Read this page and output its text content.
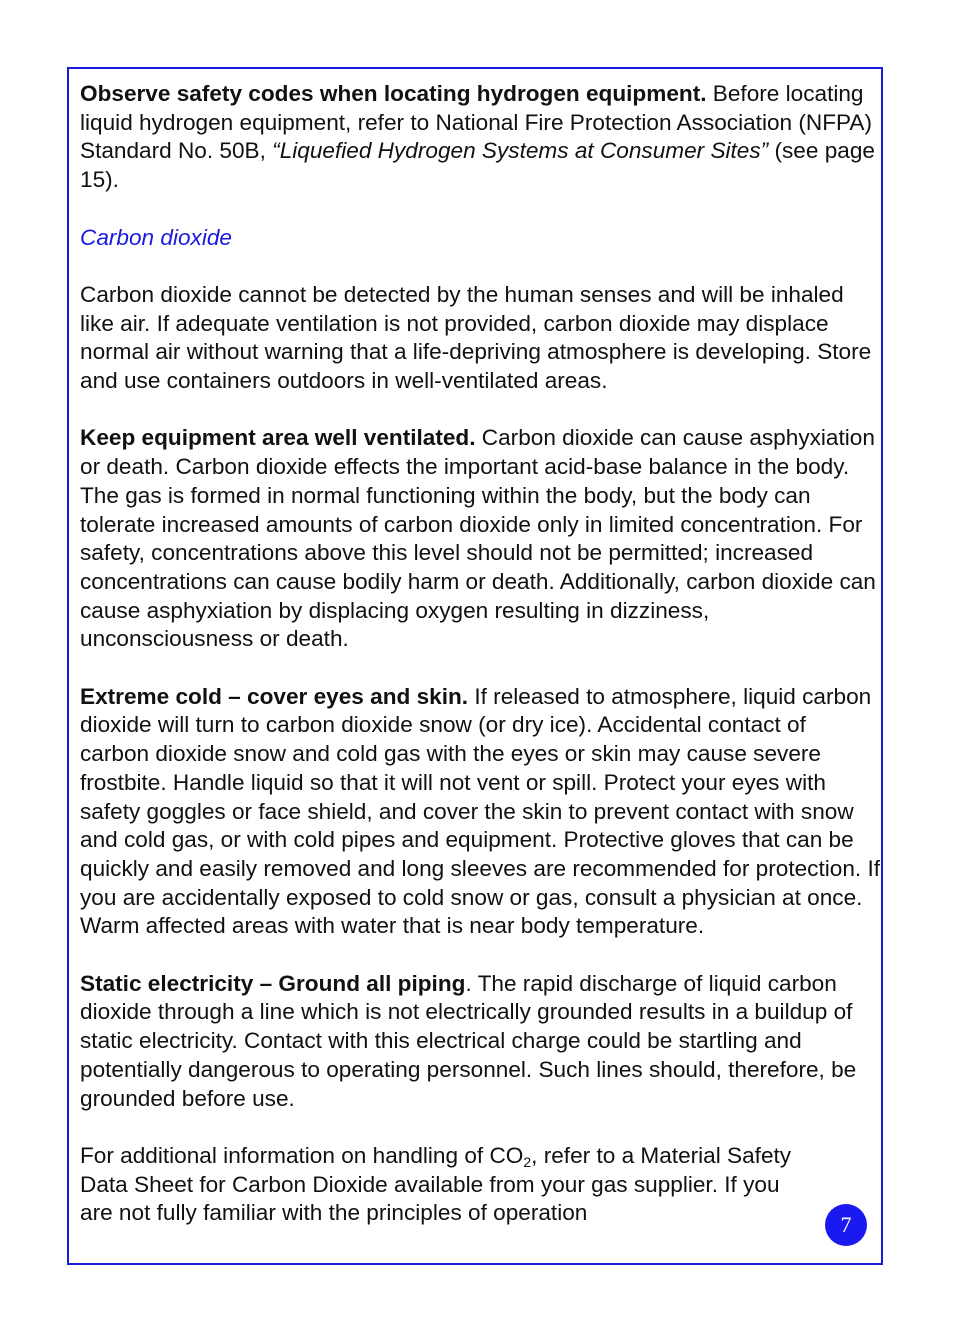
Observe safety codes when locating hydrogen equipment. Before locating liquid hydrogen equipment, refer to National Fire Protection Association (NFPA) Standard No. 50B, “Liquefied Hydrogen Systems at Consumer Sites” (see page 15).

Carbon dioxide

Carbon dioxide cannot be detected by the human senses and will be inhaled like air. If adequate ventilation is not provided, carbon dioxide may displace normal air without warning that a life-depriving atmosphere is developing. Store and use containers outdoors in well-ventilated areas.

Keep equipment area well ventilated. Carbon dioxide can cause asphyxiation or death. Carbon dioxide effects the important acid-base balance in the body. The gas is formed in normal functioning within the body, but the body can tolerate increased amounts of carbon dioxide only in limited concentration. For safety, concentrations above this level should not be permitted; increased concentrations can cause bodily harm or death. Additionally, carbon dioxide can cause asphyxiation by displacing oxygen resulting in dizziness, unconsciousness or death.

Extreme cold – cover eyes and skin. If released to atmosphere, liquid carbon dioxide will turn to carbon dioxide snow (or dry ice). Accidental contact of carbon dioxide snow and cold gas with the eyes or skin may cause severe frostbite. Handle liquid so that it will not vent or spill. Protect your eyes with safety goggles or face shield, and cover the skin to prevent contact with snow and cold gas, or with cold pipes and equipment. Protective gloves that can be quickly and easily removed and long sleeves are recommended for protection. If you are accidentally exposed to cold snow or gas, consult a physician at once. Warm affected areas with water that is near body temperature.

Static electricity – Ground all piping. The rapid discharge of liquid carbon dioxide through a line which is not electrically grounded results in a buildup of static electricity. Contact with this electrical charge could be startling and potentially dangerous to operating personnel. Such lines should, therefore, be grounded before use.

For additional information on handling of $CO_2$, refer to a Material Safety Data Sheet for Carbon Dioxide available from your gas supplier. If you are not fully familiar with the principles of operation	7
